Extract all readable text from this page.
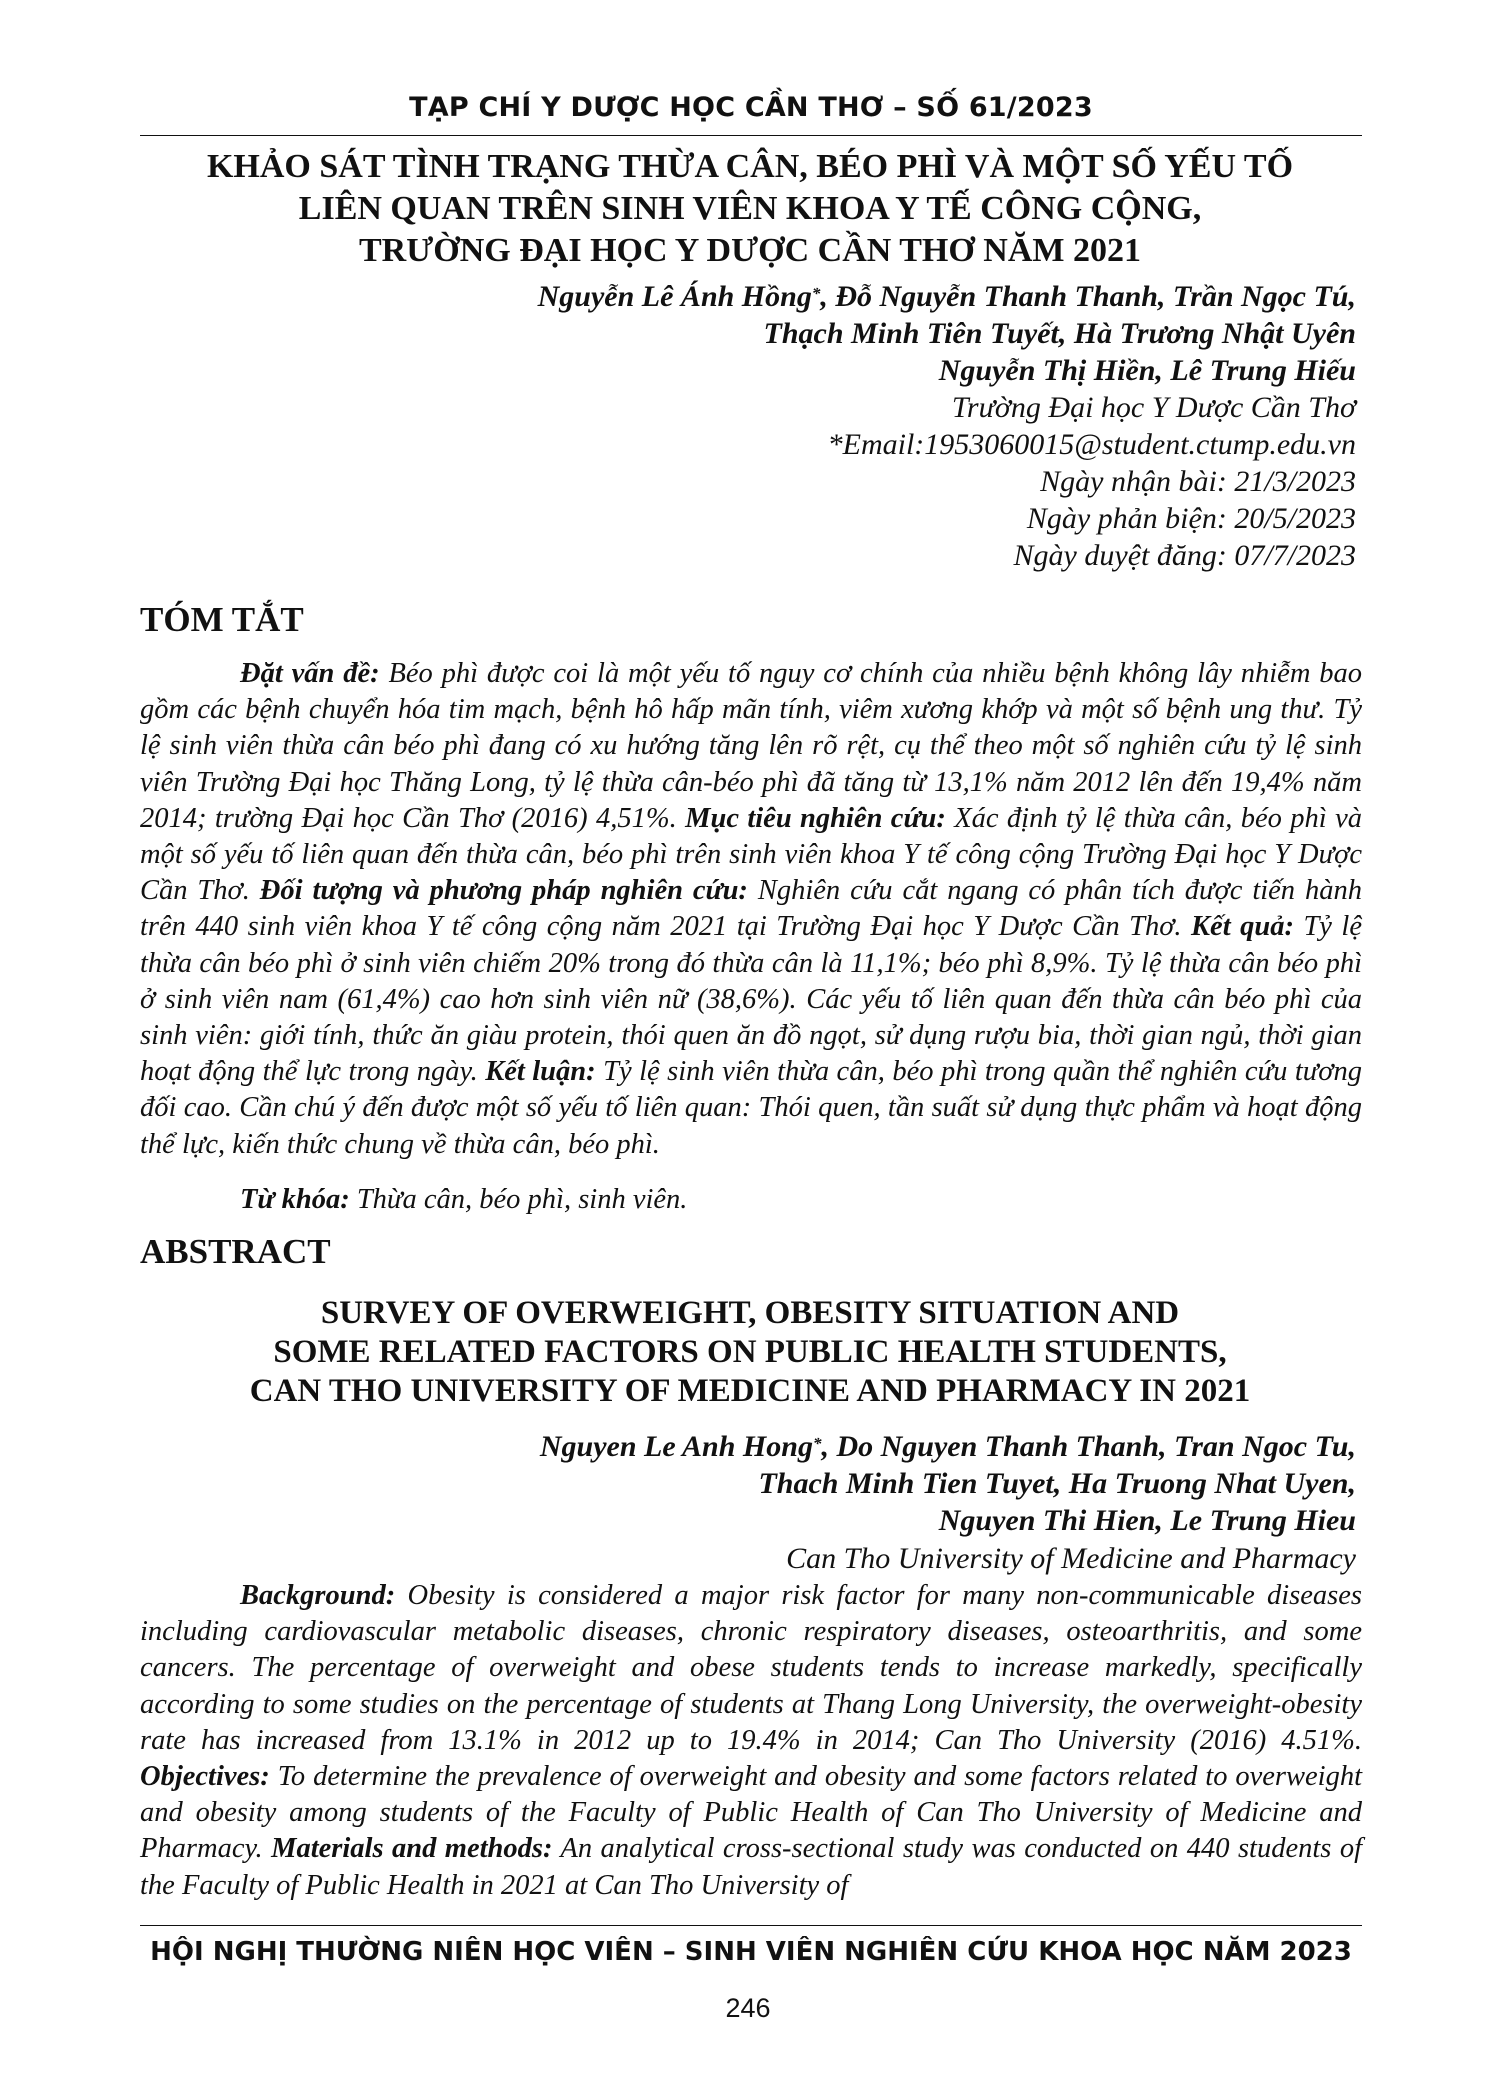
TẠP CHÍ Y DƯỢC HỌC CẦN THƠ – SỐ 61/2023
KHẢO SÁT TÌNH TRẠNG THỪA CÂN, BÉO PHÌ VÀ MỘT SỐ YẾU TỐ
LIÊN QUAN TRÊN SINH VIÊN KHOA Y TẾ CÔNG CỘNG,
TRƯỜNG ĐẠI HỌC Y DƯỢC CẦN THƠ NĂM 2021
Nguyễn Lê Ánh Hồng*, Đỗ Nguyễn Thanh Thanh, Trần Ngọc Tú,
Thạch Minh Tiên Tuyết, Hà Trương Nhật Uyên
Nguyễn Thị Hiền, Lê Trung Hiếu
Trường Đại học Y Dược Cần Thơ
*Email:1953060015@student.ctump.edu.vn
Ngày nhận bài: 21/3/2023
Ngày phản biện: 20/5/2023
Ngày duyệt đăng: 07/7/2023
TÓM TẮT
Đặt vấn đề: Béo phì được coi là một yếu tố nguy cơ chính của nhiều bệnh không lây nhiễm bao gồm các bệnh chuyển hóa tim mạch, bệnh hô hấp mãn tính, viêm xương khớp và một số bệnh ung thư. Tỷ lệ sinh viên thừa cân béo phì đang có xu hướng tăng lên rõ rệt, cụ thể theo một số nghiên cứu tỷ lệ sinh viên Trường Đại học Thăng Long, tỷ lệ thừa cân-béo phì đã tăng từ 13,1% năm 2012 lên đến 19,4% năm 2014; trường Đại học Cần Thơ (2016) 4,51%. Mục tiêu nghiên cứu: Xác định tỷ lệ thừa cân, béo phì và một số yếu tố liên quan đến thừa cân, béo phì trên sinh viên khoa Y tế công cộng Trường Đại học Y Dược Cần Thơ. Đối tượng và phương pháp nghiên cứu: Nghiên cứu cắt ngang có phân tích được tiến hành trên 440 sinh viên khoa Y tế công cộng năm 2021 tại Trường Đại học Y Dược Cần Thơ. Kết quả: Tỷ lệ thừa cân béo phì ở sinh viên chiếm 20% trong đó thừa cân là 11,1%; béo phì 8,9%. Tỷ lệ thừa cân béo phì ở sinh viên nam (61,4%) cao hơn sinh viên nữ (38,6%). Các yếu tố liên quan đến thừa cân béo phì của sinh viên: giới tính, thức ăn giàu protein, thói quen ăn đồ ngọt, sử dụng rượu bia, thời gian ngủ, thời gian hoạt động thể lực trong ngày. Kết luận: Tỷ lệ sinh viên thừa cân, béo phì trong quần thể nghiên cứu tương đối cao. Cần chú ý đến được một số yếu tố liên quan: Thói quen, tần suất sử dụng thực phẩm và hoạt động thể lực, kiến thức chung về thừa cân, béo phì.
Từ khóa: Thừa cân, béo phì, sinh viên.
ABSTRACT
SURVEY OF OVERWEIGHT, OBESITY SITUATION AND
SOME RELATED FACTORS ON PUBLIC HEALTH STUDENTS,
CAN THO UNIVERSITY OF MEDICINE AND PHARMACY IN 2021
Nguyen Le Anh Hong*, Do Nguyen Thanh Thanh, Tran Ngoc Tu,
Thach Minh Tien Tuyet, Ha Truong Nhat Uyen,
Nguyen Thi Hien, Le Trung Hieu
Can Tho University of Medicine and Pharmacy
Background: Obesity is considered a major risk factor for many non-communicable diseases including cardiovascular metabolic diseases, chronic respiratory diseases, osteoarthritis, and some cancers. The percentage of overweight and obese students tends to increase markedly, specifically according to some studies on the percentage of students at Thang Long University, the overweight-obesity rate has increased from 13.1% in 2012 up to 19.4% in 2014; Can Tho University (2016) 4.51%. Objectives: To determine the prevalence of overweight and obesity and some factors related to overweight and obesity among students of the Faculty of Public Health of Can Tho University of Medicine and Pharmacy. Materials and methods: An analytical cross-sectional study was conducted on 440 students of the Faculty of Public Health in 2021 at Can Tho University of
HỘI NGHỊ THƯỜNG NIÊN HỌC VIÊN – SINH VIÊN NGHIÊN CỨU KHOA HỌC NĂM 2023
246
